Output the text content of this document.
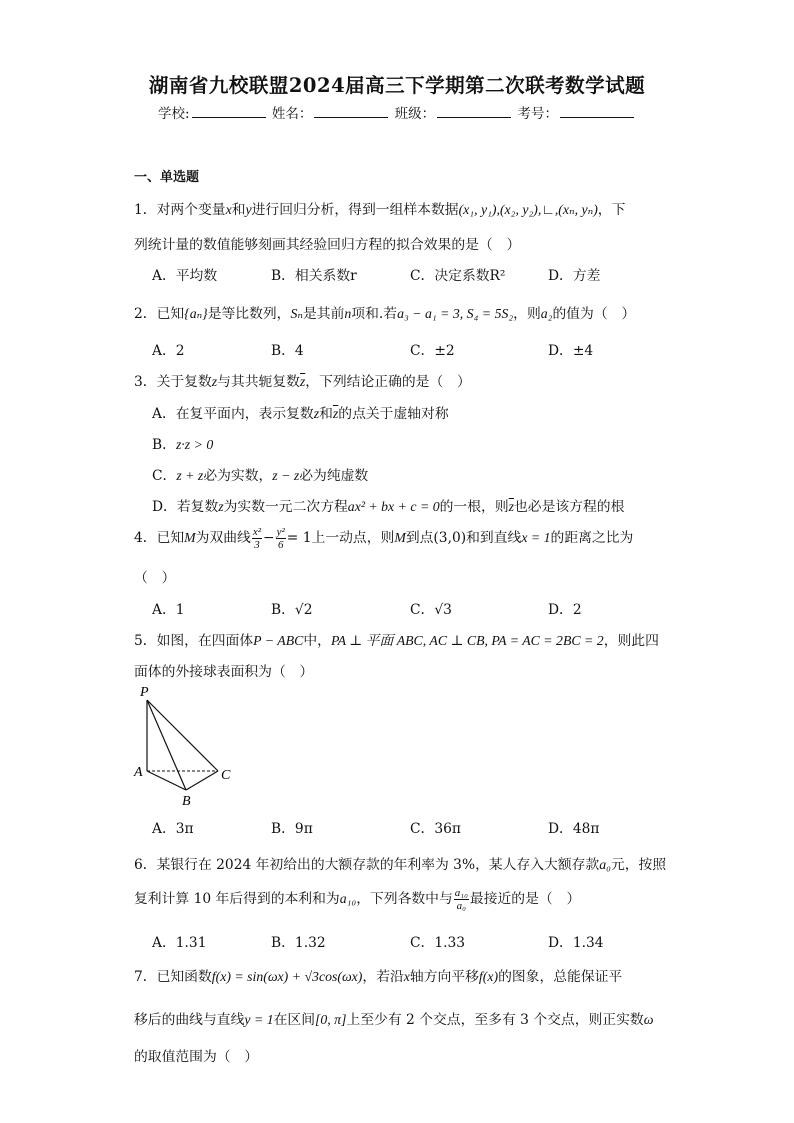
湖南省九校联盟2024届高三下学期第二次联考数学试题
学校:	姓名：	班级：	考号：
一、单选题
1．对两个变量x和y进行回归分析，得到一组样本数据(x₁, y₁),(x₂, y₂),∟,(xₙ, yₙ)，下
列统计量的数值能够刻画其经验回归方程的拟合效果的是（　）
A．平均数	B．相关系数r	C．决定系数R²	D．方差
2．已知{aₙ}是等比数列，Sₙ是其前n项和.若a₃ − a₁ = 3, S₄ = 5S₂，则a₂的值为（　）
A．2	B．4	C．±2	D．±4
3．关于复数z与其共轭复数$\overline{z}$，下列结论正确的是（　）
A．在复平面内，表示复数z和$\overline{z}$的点关于虚轴对称
B．z·z > 0
C．z + z必为实数，z − z必为纯虚数
D．若复数z为实数一元二次方程ax² + bx + c = 0的一根，则$\overline{z}$也必是该方程的根
4．已知M为双曲线 $\frac{\text{x²}}{3} - \frac{\text{y²}}{6} = 1$上一动点，则M到点(3,0)和到直线x = 1的距离之比为
（　）
A．1	B．√2	C．√3	D．2
5．如图，在四面体P − ABC中，PA ⊥ 平面 ABC, AC ⊥ CB, PA = AC = 2BC = 2，则此四
面体的外接球表面积为（　）
P
A
B
C
A．3π	B．9π	C．36π	D．48π
6．某银行在 2024 年初给出的大额存款的年利率为 3%，某人存入大额存款a₀元，按照
复利计算 10 年后得到的本利和为a₁₀，下列各数中与 $\frac{\text{a₁₀}}{\text{a₀}}$ 最接近的是（　）
A．1.31	B．1.32	C．1.33	D．1.34
7．已知函数f(x) = sin(ωx) + √3cos(ωx)，若沿x轴方向平移f(x)的图象，总能保证平
移后的曲线与直线y = 1在区间[0, π]上至少有 2 个交点，至多有 3 个交点，则正实数ω
的取值范围为（　）
